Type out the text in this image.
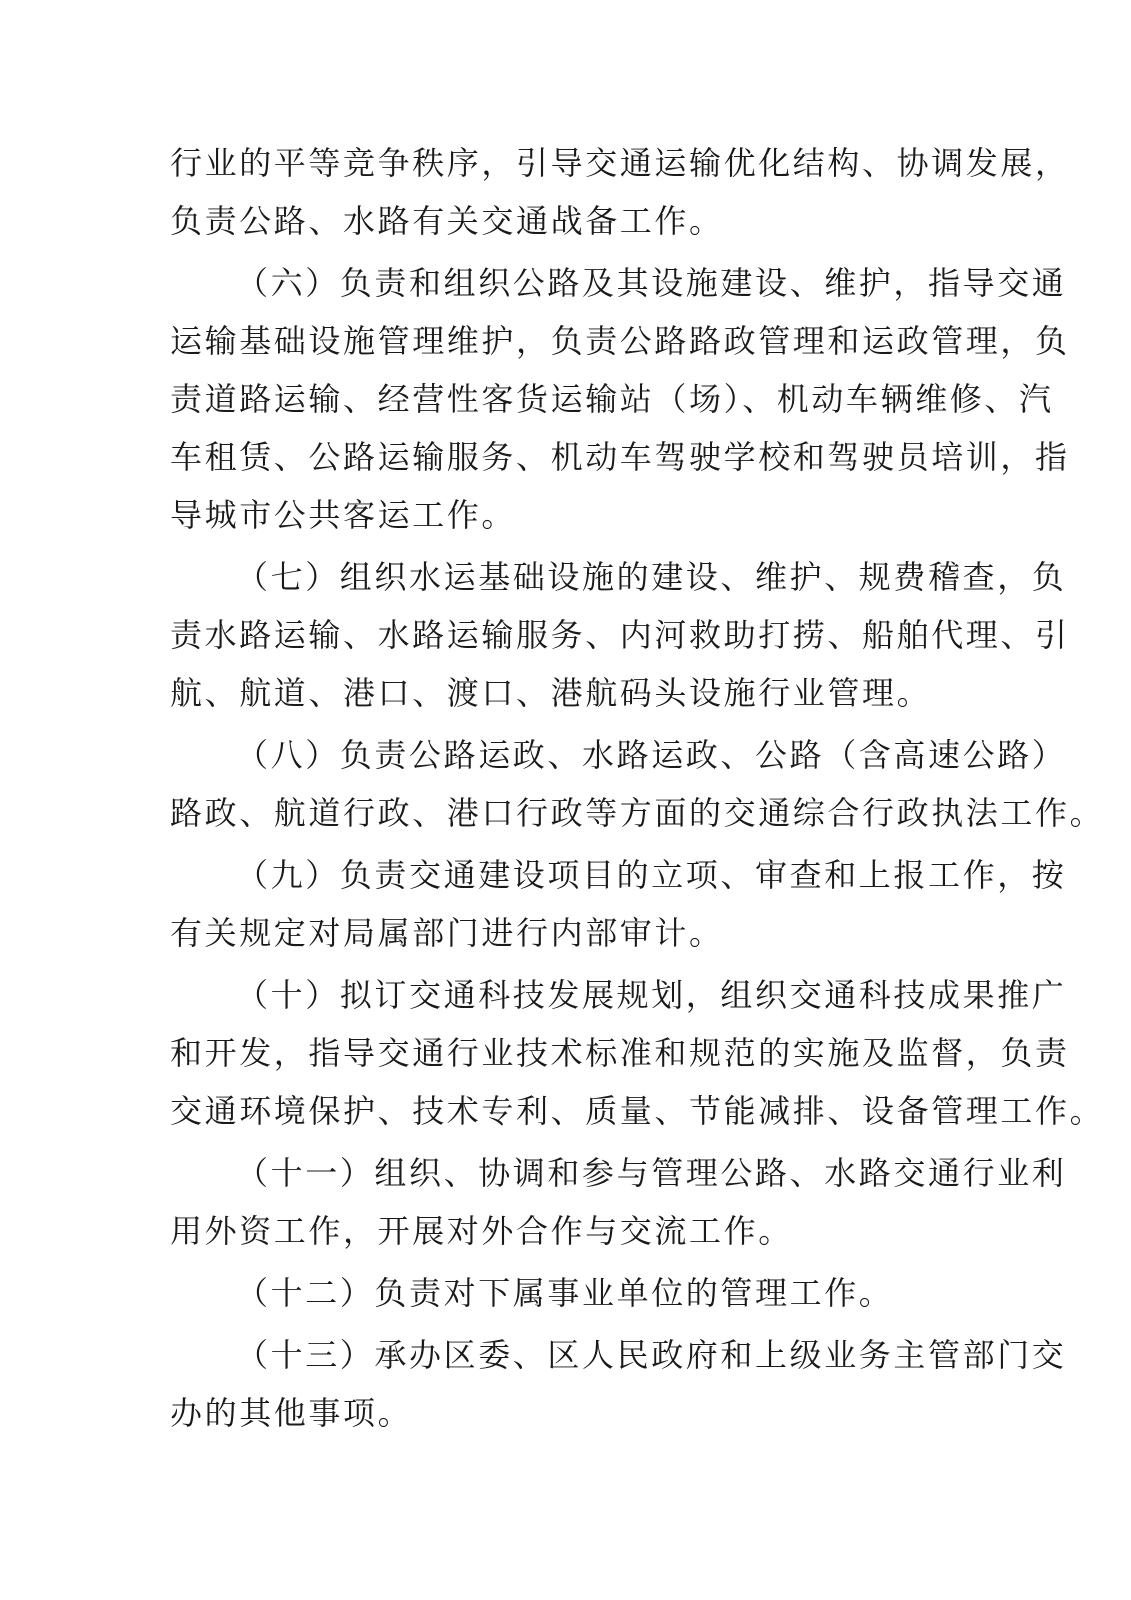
行业的平等竞争秩序，引导交通运输优化结构、协调发展，
负责公路、水路有关交通战备工作。
（六）负责和组织公路及其设施建设、维护，指导交通
运输基础设施管理维护，负责公路路政管理和运政管理，负
责道路运输、经营性客货运输站（场）、机动车辆维修、汽
车租赁、公路运输服务、机动车驾驶学校和驾驶员培训，指
导城市公共客运工作。
（七）组织水运基础设施的建设、维护、规费稽查，负
责水路运输、水路运输服务、内河救助打捞、船舶代理、引
航、航道、港口、渡口、港航码头设施行业管理。
（八）负责公路运政、水路运政、公路（含高速公路）
路政、航道行政、港口行政等方面的交通综合行政执法工作。
（九）负责交通建设项目的立项、审查和上报工作，按
有关规定对局属部门进行内部审计。
（十）拟订交通科技发展规划，组织交通科技成果推广
和开发，指导交通行业技术标准和规范的实施及监督，负责
交通环境保护、技术专利、质量、节能减排、设备管理工作。
（十一）组织、协调和参与管理公路、水路交通行业利
用外资工作，开展对外合作与交流工作。
（十二）负责对下属事业单位的管理工作。
（十三）承办区委、区人民政府和上级业务主管部门交
办的其他事项。
